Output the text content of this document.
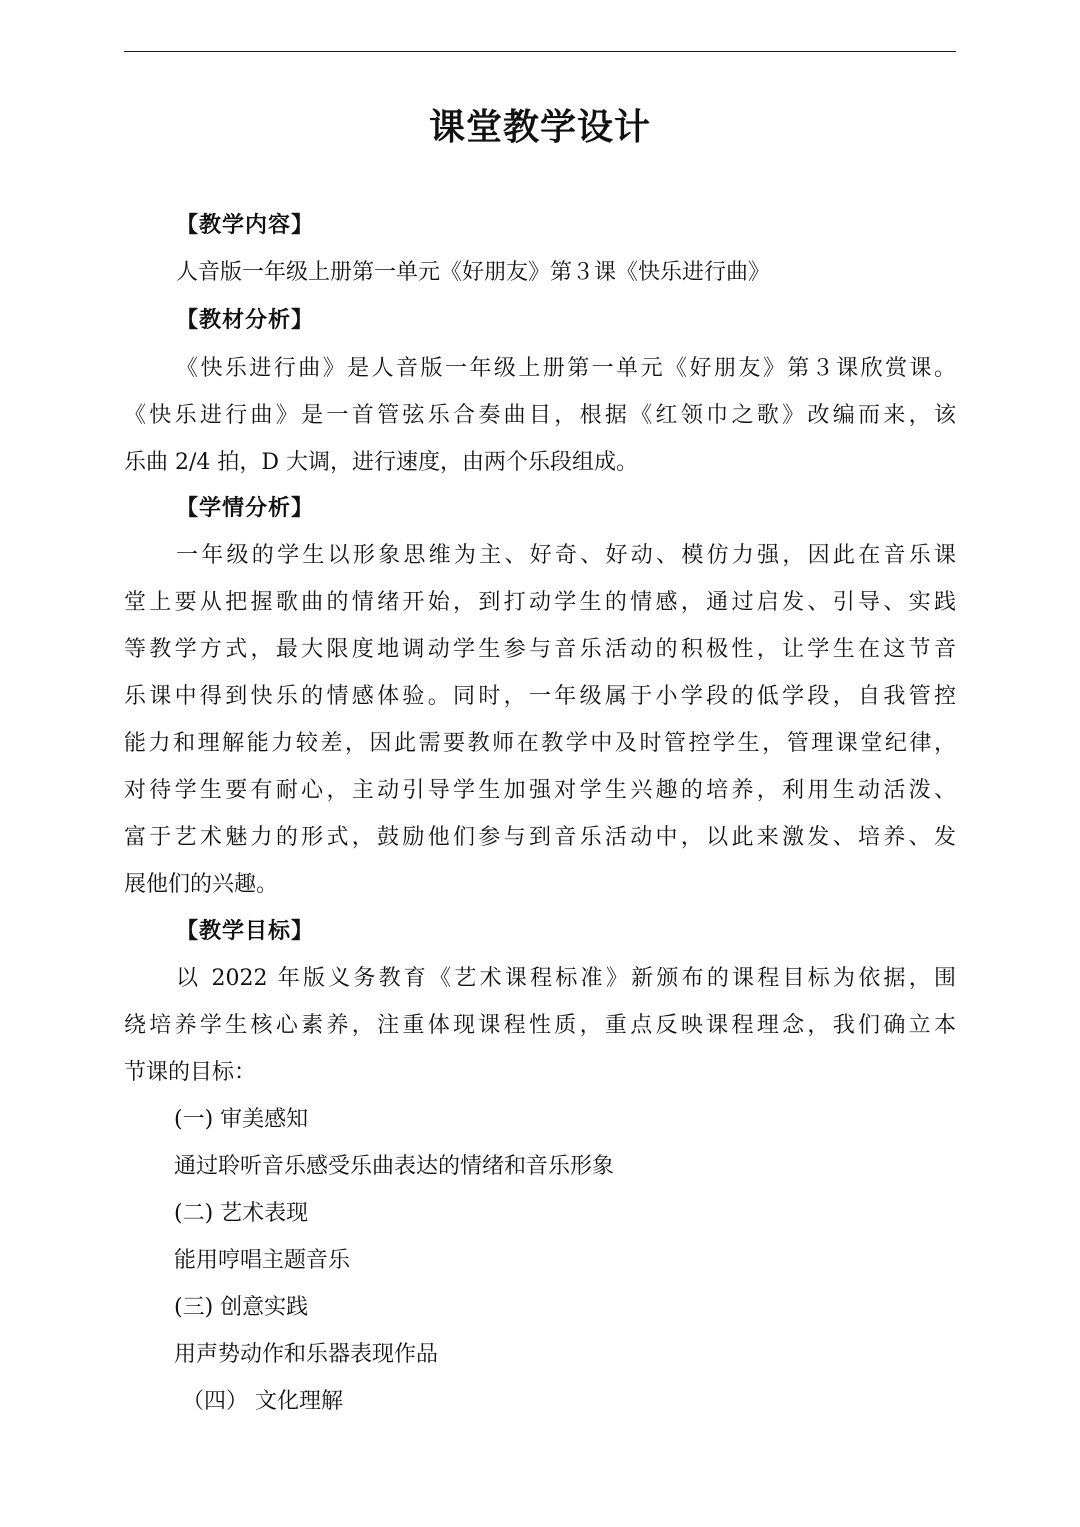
课堂教学设计
【教学内容】
人音版一年级上册第一单元《好朋友》第３课《快乐进行曲》
【教材分析】
《快乐进行曲》是人音版一年级上册第一单元《好朋友》第３课欣赏课。
《快乐进行曲》是一首管弦乐合奏曲目，根据《红领巾之歌》改编而来，该
乐曲 2/4 拍，D 大调，进行速度，由两个乐段组成。
【学情分析】
一年级的学生以形象思维为主、好奇、好动、模仿力强，因此在音乐课
堂上要从把握歌曲的情绪开始，到打动学生的情感，通过启发、引导、实践
等教学方式，最大限度地调动学生参与音乐活动的积极性，让学生在这节音
乐课中得到快乐的情感体验。同时，一年级属于小学段的低学段，自我管控
能力和理解能力较差，因此需要教师在教学中及时管控学生，管理课堂纪律，
对待学生要有耐心，主动引导学生加强对学生兴趣的培养，利用生动活泼、
富于艺术魅力的形式，鼓励他们参与到音乐活动中，以此来激发、培养、发
展他们的兴趣。
【教学目标】
以 2022 年版义务教育《艺术课程标准》新颁布的课程目标为依据，围
绕培养学生核心素养，注重体现课程性质，重点反映课程理念，我们确立本
节课的目标：
(一) 审美感知
通过聆听音乐感受乐曲表达的情绪和音乐形象
(二) 艺术表现
能用哼唱主题音乐
(三) 创意实践
用声势动作和乐器表现作品
（四） 文化理解
